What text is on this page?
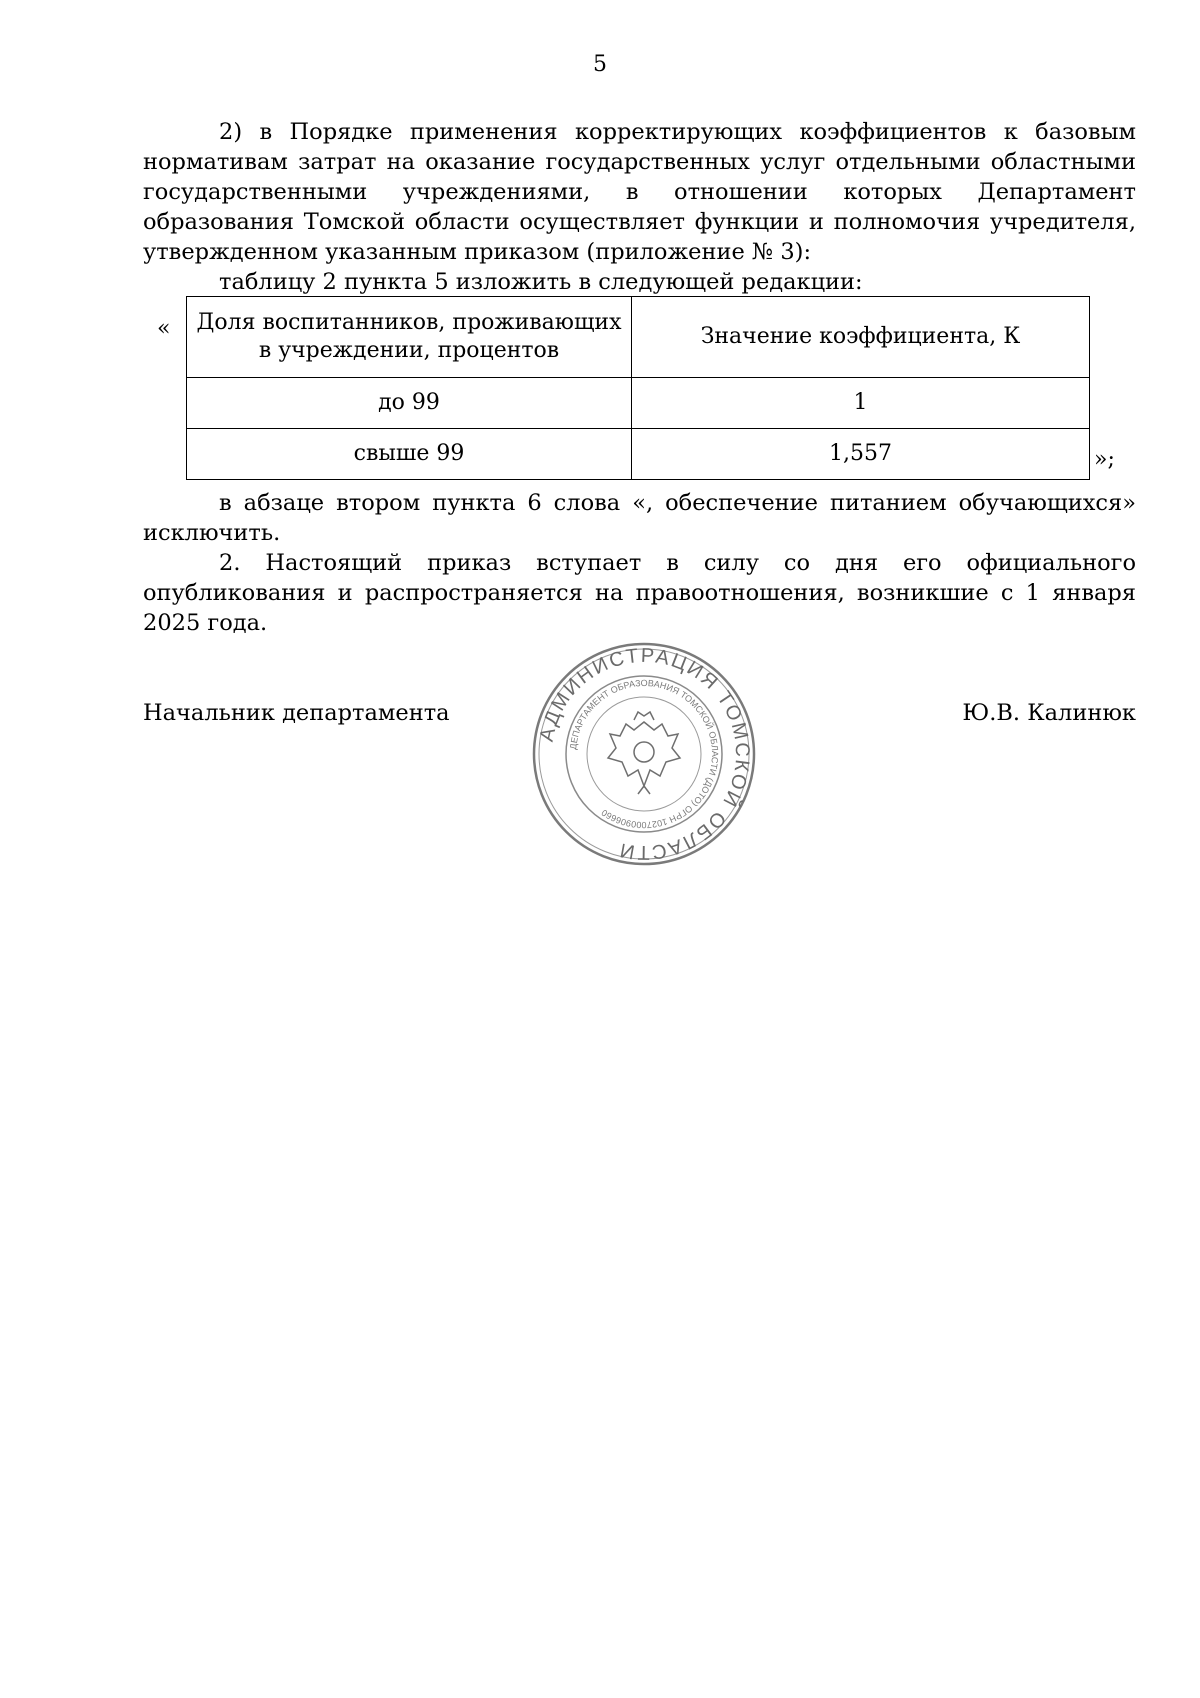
5

2) в Порядке применения корректирующих коэффициентов к базовым нормативам затрат на оказание государственных услуг отдельными областными государственными учреждениями, в отношении которых Департамент образования Томской области осуществляет функции и полномочия учредителя, утвержденном указанным приказом (приложение № 3):

таблицу 2 пункта 5 изложить в следующей редакции:

« Доля воспитанников, проживающих в учреждении, процентов	Значение коэффициента, К
до 99	1
свыше 99	1,557	»;

в абзаце втором пункта 6 слова «, обеспечение питанием обучающихся» исключить.

2. Настоящий приказ вступает в силу со дня его официального опубликования и распространяется на правоотношения, возникшие с 1 января 2025 года.

Начальник департамента	Ю.В. Калинюк
АДМИНИСТРАЦИЯ ТОМСКОЙ ОБЛАСТИ
ДЕПАРТАМЕНТ ОБРАЗОВАНИЯ ТОМСКОЙ ОБЛАСТИ (ДОТО) ОГРН 1027000906660
